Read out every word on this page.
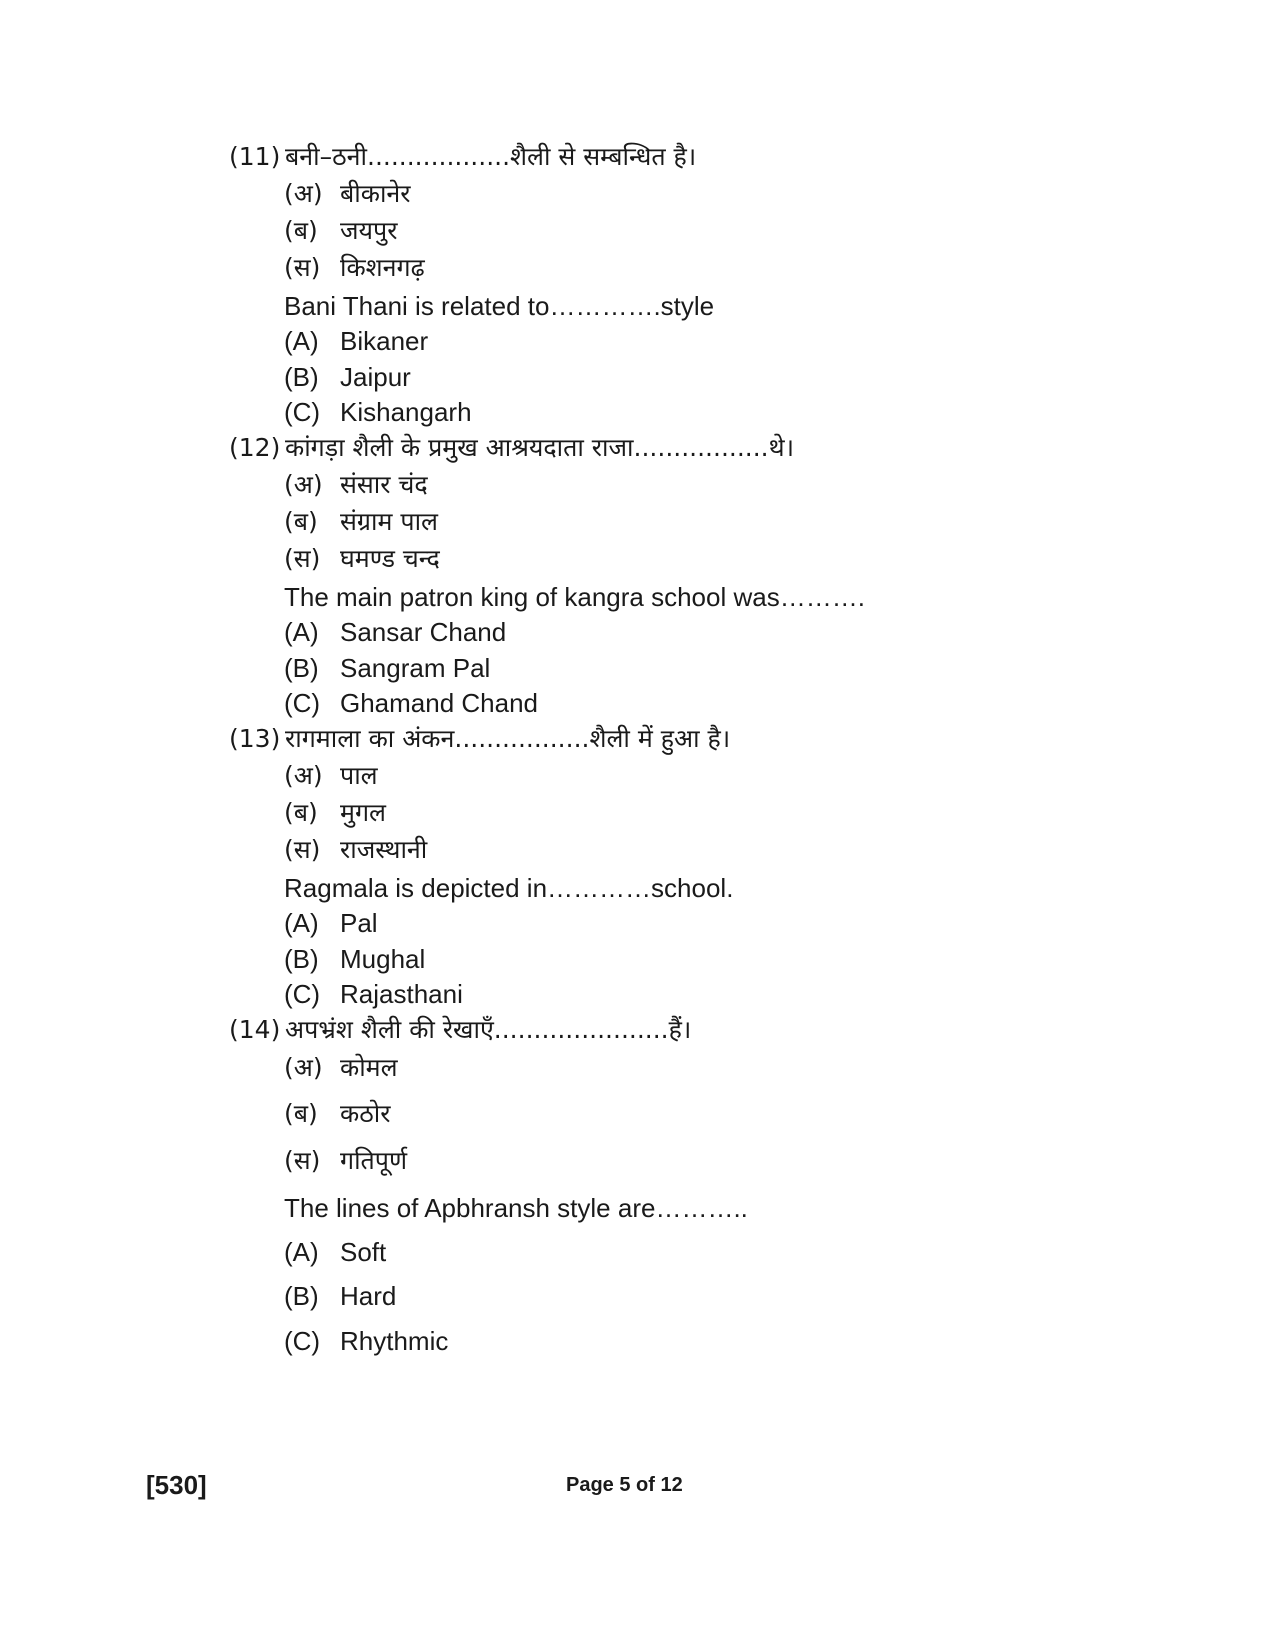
(11) बनी–ठनी..................शैली से सम्बन्धित है।
(अ) बीकानेर
(ब) जयपुर
(स) किशनगढ़
Bani Thani is related to………….style
(A) Bikaner
(B) Jaipur
(C) Kishangarh
(12) कांगड़ा शैली के प्रमुख आश्रयदाता राजा.................थे।
(अ) संसार चंद
(ब) संग्राम पाल
(स) घमण्ड चन्द
The main patron king of kangra school was……….
(A) Sansar Chand
(B) Sangram Pal
(C) Ghamand Chand
(13) रागमाला का अंकन.................शैली में हुआ है।
(अ) पाल
(ब) मुगल
(स) राजस्थानी
Ragmala is depicted in…………school.
(A) Pal
(B) Mughal
(C) Rajasthani
(14) अपभ्रंश शैली की रेखाएँ......................हैं।
(अ) कोमल
(ब) कठोर
(स) गतिपूर्ण
The lines of Apbhransh style are………..
(A) Soft
(B) Hard
(C) Rhythmic
[530]	Page 5 of 12
